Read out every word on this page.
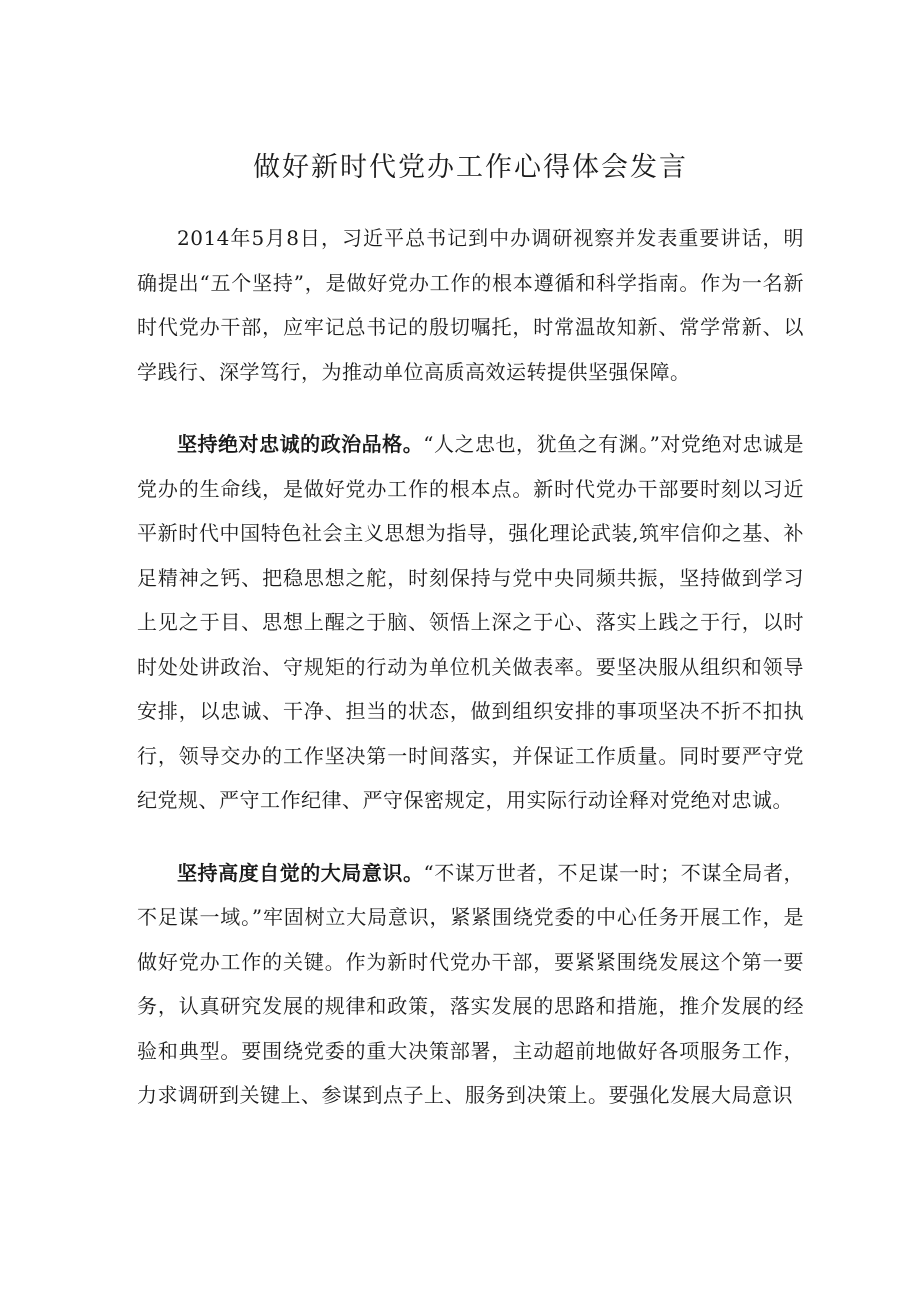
做好新时代党办工作心得体会发言

2014年5月8日，习近平总书记到中办调研视察并发表重要讲话，明确提出“五个坚持”，是做好党办工作的根本遵循和科学指南。作为一名新时代党办干部，应牢记总书记的殷切嘱托，时常温故知新、常学常新、以学践行、深学笃行，为推动单位高质高效运转提供坚强保障。

坚持绝对忠诚的政治品格。“人之忠也，犹鱼之有渊。”对党绝对忠诚是党办的生命线，是做好党办工作的根本点。新时代党办干部要时刻以习近平新时代中国特色社会主义思想为指导，强化理论武装,筑牢信仰之基、补足精神之钙、把稳思想之舵，时刻保持与党中央同频共振，坚持做到学习上见之于目、思想上醒之于脑、领悟上深之于心、落实上践之于行，以时时处处讲政治、守规矩的行动为单位机关做表率。要坚决服从组织和领导安排，以忠诚、干净、担当的状态，做到组织安排的事项坚决不折不扣执行，领导交办的工作坚决第一时间落实，并保证工作质量。同时要严守党纪党规、严守工作纪律、严守保密规定，用实际行动诠释对党绝对忠诚。

坚持高度自觉的大局意识。“不谋万世者，不足谋一时；不谋全局者，不足谋一域。”牢固树立大局意识，紧紧围绕党委的中心任务开展工作，是做好党办工作的关键。作为新时代党办干部，要紧紧围绕发展这个第一要务，认真研究发展的规律和政策，落实发展的思路和措施，推介发展的经验和典型。要围绕党委的重大决策部署，主动超前地做好各项服务工作，力求调研到关键上、参谋到点子上、服务到决策上。要强化发展大局意识
